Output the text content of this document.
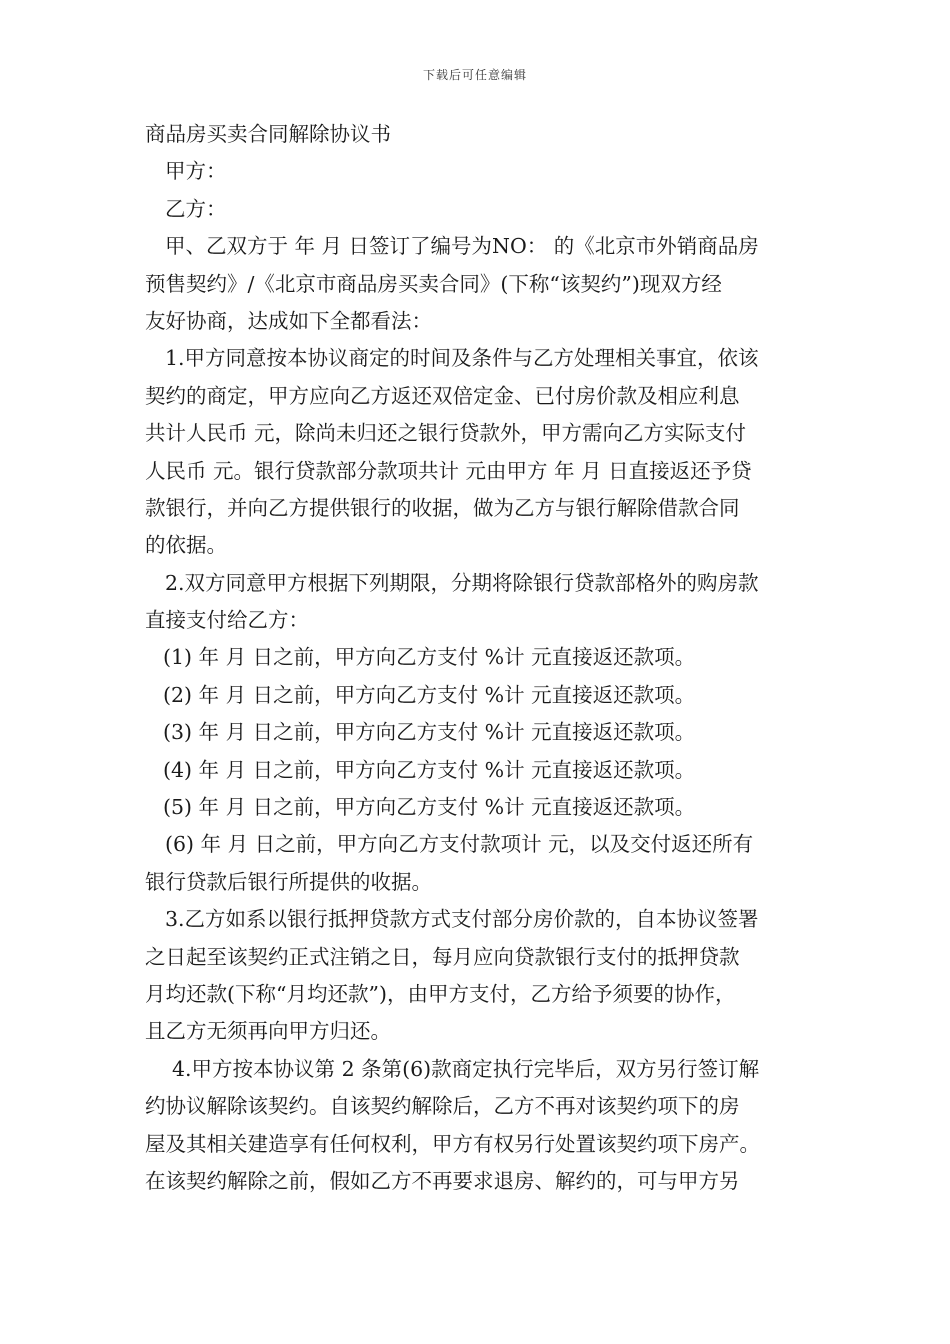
下载后可任意编辑
商品房买卖合同解除协议书
甲方：
乙方：
甲、乙双方于 年 月 日签订了编号为NO： 的《北京市外销商品房
预售契约》/《北京市商品房买卖合同》(下称“该契约”)现双方经
友好协商，达成如下全都看法：
1.甲方同意按本协议商定的时间及条件与乙方处理相关事宜，依该
契约的商定，甲方应向乙方返还双倍定金、已付房价款及相应利息
共计人民币 元，除尚未归还之银行贷款外，甲方需向乙方实际支付
人民币 元。银行贷款部分款项共计 元由甲方 年 月 日直接返还予贷
款银行，并向乙方提供银行的收据，做为乙方与银行解除借款合同
的依据。
2.双方同意甲方根据下列期限，分期将除银行贷款部格外的购房款
直接支付给乙方：
(1) 年 月 日之前，甲方向乙方支付 %计 元直接返还款项。
(2) 年 月 日之前，甲方向乙方支付 %计 元直接返还款项。
(3) 年 月 日之前，甲方向乙方支付 %计 元直接返还款项。
(4) 年 月 日之前，甲方向乙方支付 %计 元直接返还款项。
(5) 年 月 日之前，甲方向乙方支付 %计 元直接返还款项。
(6) 年 月 日之前，甲方向乙方支付款项计 元，以及交付返还所有
银行贷款后银行所提供的收据。
3.乙方如系以银行抵押贷款方式支付部分房价款的，自本协议签署
之日起至该契约正式注销之日，每月应向贷款银行支付的抵押贷款
月均还款(下称“月均还款”)，由甲方支付，乙方给予须要的协作，
且乙方无须再向甲方归还。
4.甲方按本协议第 2 条第(6)款商定执行完毕后，双方另行签订解
约协议解除该契约。自该契约解除后，乙方不再对该契约项下的房
屋及其相关建造享有任何权利，甲方有权另行处置该契约项下房产。
在该契约解除之前，假如乙方不再要求退房、解约的，可与甲方另
